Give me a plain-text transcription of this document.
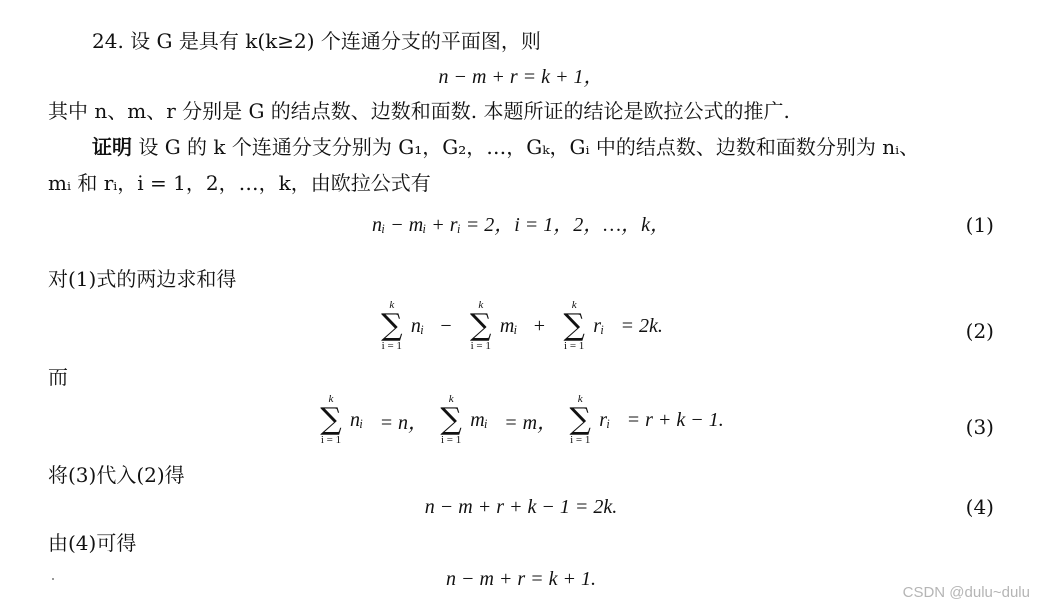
24. 设 G 是具有 k(k≥2) 个连通分支的平面图，则
n − m + r = k + 1，
其中 n、m、r 分别是 G 的结点数、边数和面数. 本题所证的结论是欧拉公式的推广.
证明 设 G 的 k 个连通分支分别为 G₁，G₂，…，Gₖ，Gᵢ 中的结点数、边数和面数分别为 nᵢ、
mᵢ 和 rᵢ，i = 1，2，…，k，由欧拉公式有
nᵢ − mᵢ + rᵢ = 2，i = 1，2，…，k，	(1)
对(1)式的两边求和得
k
∑
i = 1
nᵢ −
k
∑
i = 1
mᵢ +
k
∑
i = 1
rᵢ = 2k.	(2)
而
k
∑
i = 1
nᵢ = n，
k
∑
i = 1
mᵢ = m，
k
∑
i = 1
rᵢ = r + k − 1.	(3)
将(3)代入(2)得
n − m + r + k − 1 = 2k.	(4)
由(4)可得
n − m + r = k + 1.
CSDN @dulu~dulu
